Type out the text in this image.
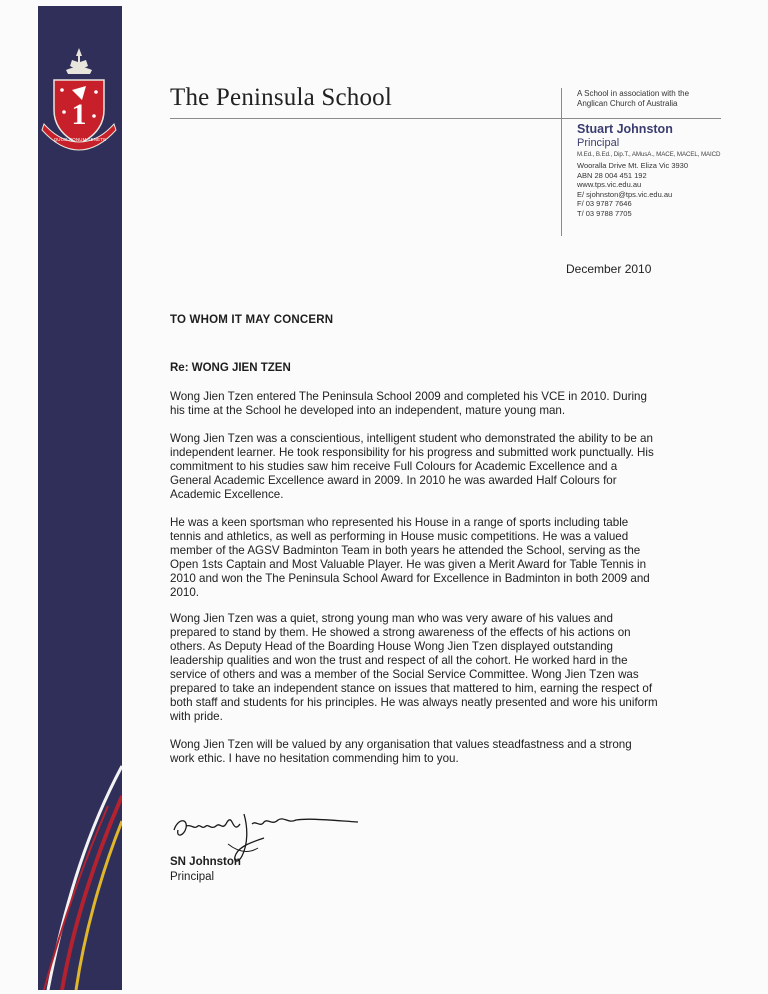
1
QUOD BONUM TENETE
The Peninsula School	A School in association with the
Anglican Church of Australia
Stuart Johnston
Principal
M.Ed., B.Ed., Dip.T., AMusA., MACE, MACEL, MAICD
Wooralla Drive Mt. Eliza Vic 3930
ABN 28 004 451 192
www.tps.vic.edu.au
E/ sjohnston@tps.vic.edu.au
F/ 03 9787 7646
T/ 03 9788 7705
December 2010
TO WHOM IT MAY CONCERN
Re: WONG JIEN TZEN

Wong Jien Tzen entered The Peninsula School 2009 and completed his VCE in 2010. During his time at the School he developed into an independent, mature young man.

Wong Jien Tzen was a conscientious, intelligent student who demonstrated the ability to be an independent learner. He took responsibility for his progress and submitted work punctually. His commitment to his studies saw him receive Full Colours for Academic Excellence and a General Academic Excellence award in 2009. In 2010 he was awarded Half Colours for Academic Excellence.

He was a keen sportsman who represented his House in a range of sports including table tennis and athletics, as well as performing in House music competitions. He was a valued member of the AGSV Badminton Team in both years he attended the School, serving as the Open 1sts Captain and Most Valuable Player. He was given a Merit Award for Table Tennis in 2010 and won the The Peninsula School Award for Excellence in Badminton in both 2009 and 2010.

Wong Jien Tzen was a quiet, strong young man who was very aware of his values and prepared to stand by them. He showed a strong awareness of the effects of his actions on others. As Deputy Head of the Boarding House Wong Jien Tzen displayed outstanding leadership qualities and won the trust and respect of all the cohort. He worked hard in the service of others and was a member of the Social Service Committee. Wong Jien Tzen was prepared to take an independent stance on issues that mattered to him, earning the respect of both staff and students for his principles. He was always neatly presented and wore his uniform with pride.

Wong Jien Tzen will be valued by any organisation that values steadfastness and a strong work ethic. I have no hesitation commending him to you.

SN Johnston
Principal
